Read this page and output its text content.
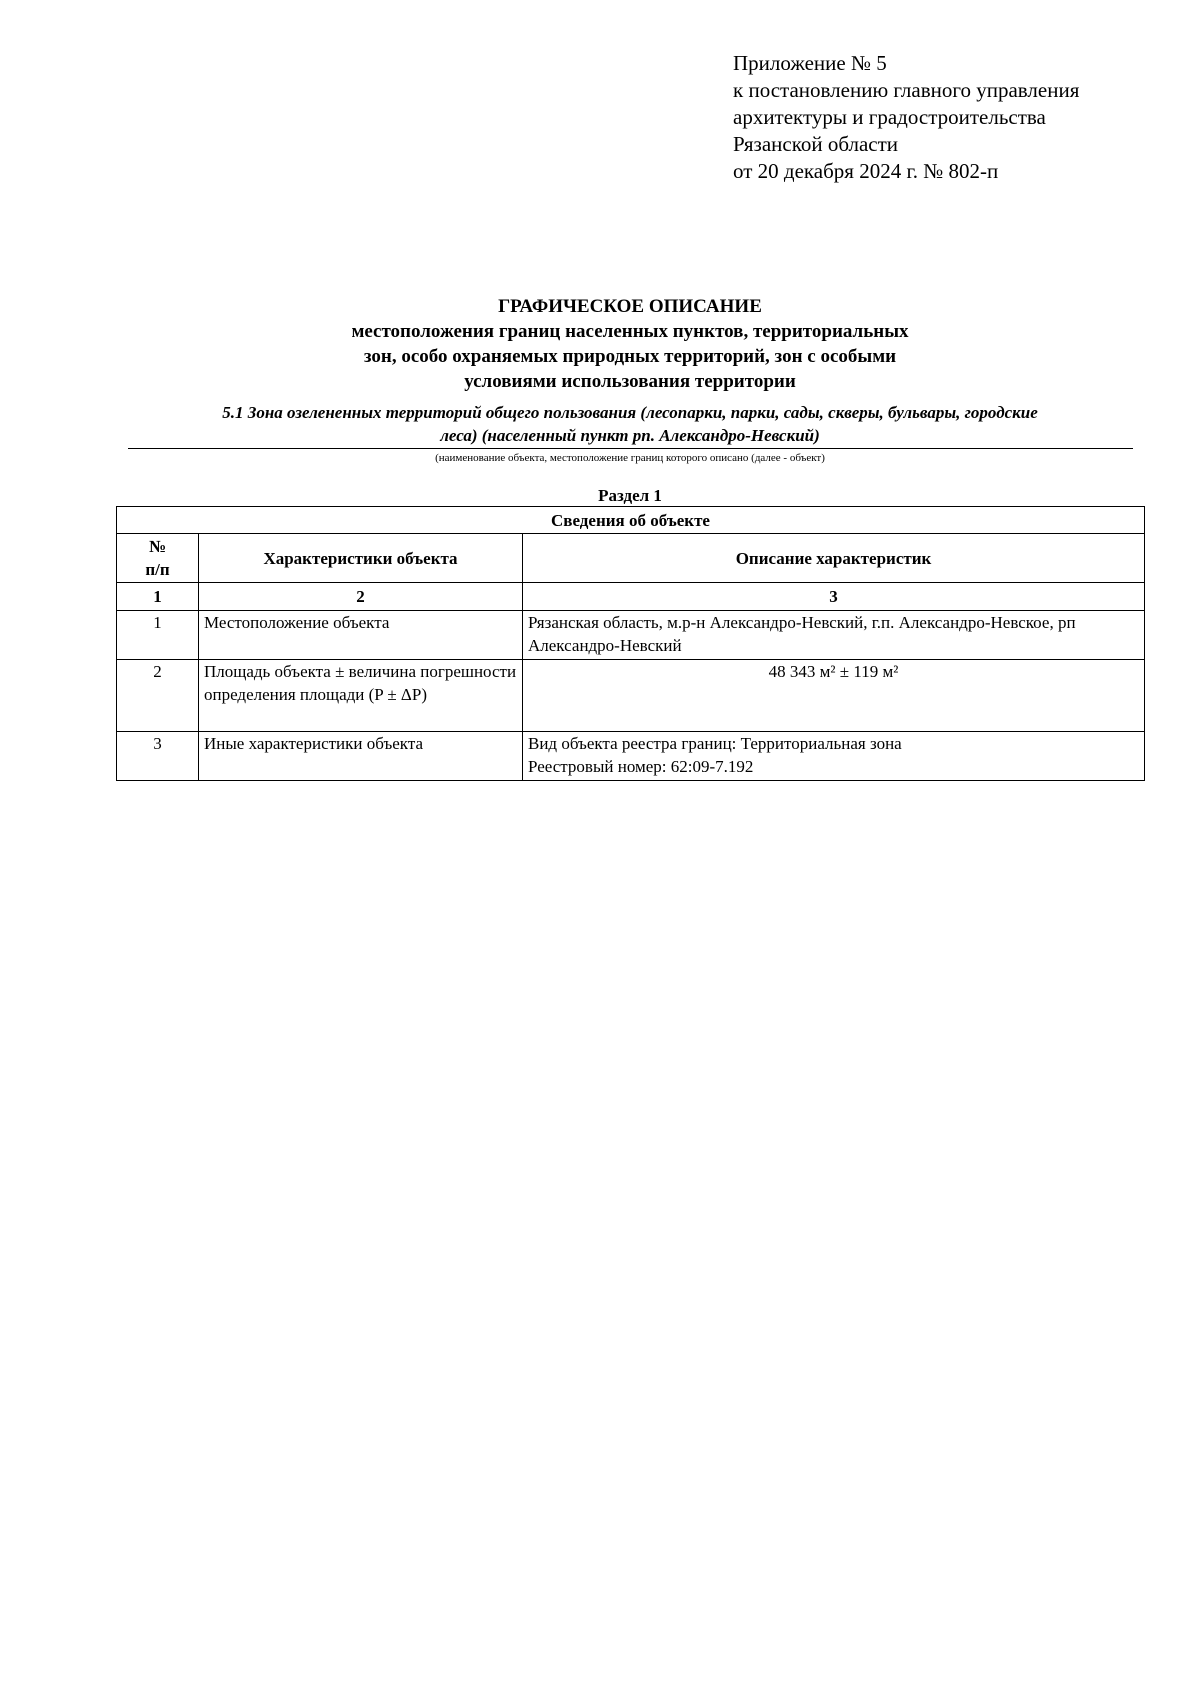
Приложение № 5
к постановлению главного управления
архитектуры и градостроительства
Рязанской области
от 20 декабря 2024 г. № 802-п
ГРАФИЧЕСКОЕ ОПИСАНИЕ
местоположения границ населенных пунктов, территориальных
зон, особо охраняемых природных территорий, зон с особыми
условиями использования территории
5.1 Зона озелененных территорий общего пользования (лесопарки, парки, сады, скверы, бульвары, городские
леса) (населенный пункт рп. Александро-Невский)
(наименование объекта, местоположение границ которого описано (далее - объект)
Раздел 1
Сведения об объекте		
№
п/п	Характеристики объекта	Описание характеристик
1	2	3
1	Местоположение объекта	Рязанская область, м.р-н Александро-Невский, г.п. Александро-Невское, рп Александро-Невский
2	Площадь объекта ± величина погрешности определения площади (P ± ΔP)	48 343 м² ± 119 м²
3	Иные характеристики объекта	Вид объекта реестра границ: Территориальная зона
Реестровый номер: 62:09-7.192
